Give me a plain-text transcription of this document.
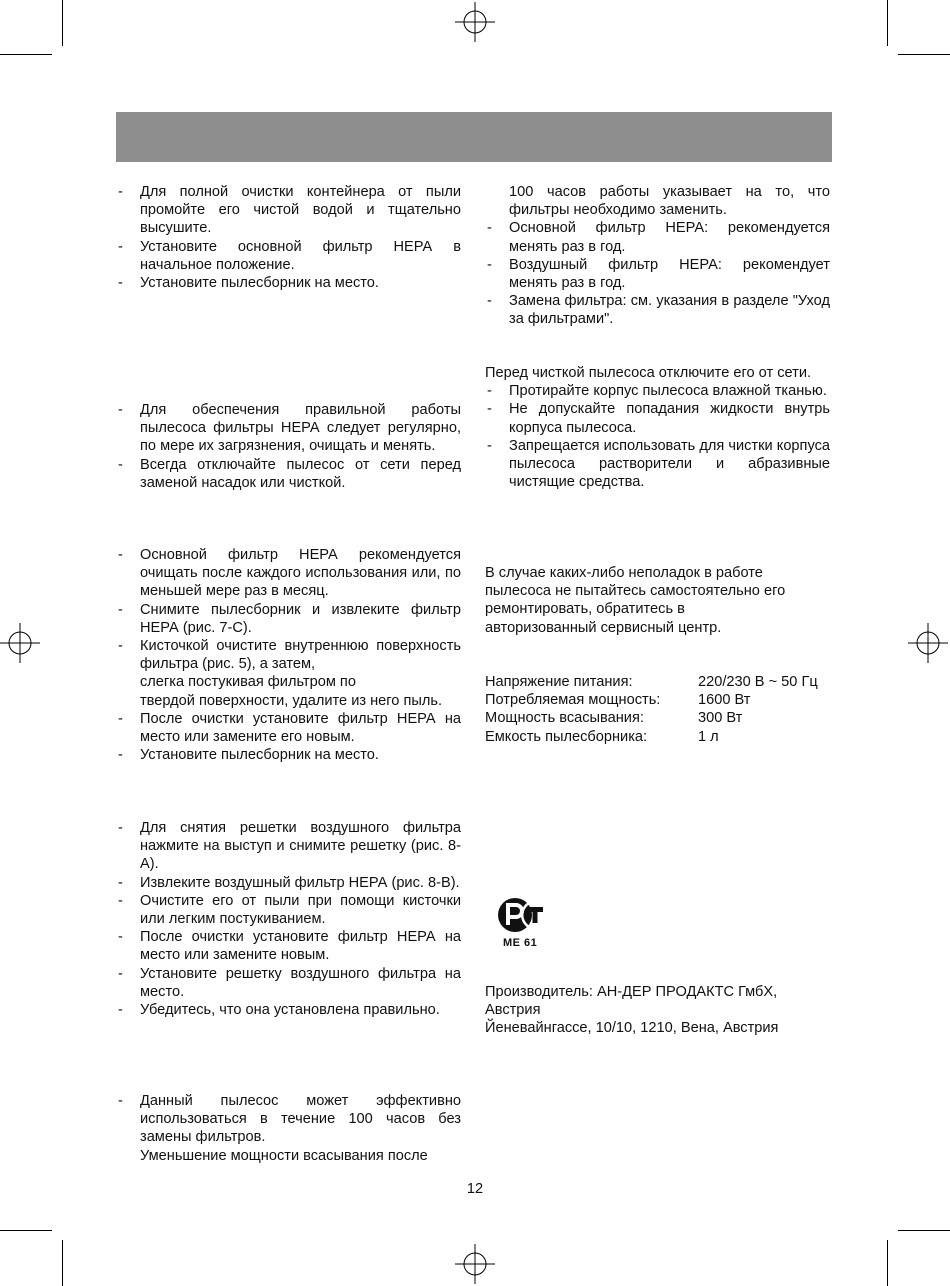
- Для полной очистки контейнера от пыли промойте его чистой водой и тщательно высушите.
- Установите основной фильтр НЕРА в начальное положение.
- Установите пылесборник на место.
- Для обеспечения правильной работы пылесоса фильтры НЕРА следует регулярно, по мере их загрязнения, очищать и менять.
- Всегда отключайте пылесос от сети перед заменой насадок или чисткой.
- Основной фильтр НЕРА рекомендуется очищать после каждого использования или, по меньшей мере раз в месяц.
- Снимите пылесборник и извлеките фильтр НЕРА (рис. 7-С).
- Кисточкой очистите внутреннюю поверхность фильтра (рис. 5), а затем,
слегка постукивая фильтром по
твердой поверхности, удалите из него пыль.
- После очистки установите фильтр НЕРА на место или замените его новым.
- Установите пылесборник на место.
- Для снятия решетки воздушного фильтра нажмите на выступ и снимите решетку (рис. 8-А).
- Извлеките воздушный фильтр НЕРА (рис. 8-В).
- Очистите его от пыли при помощи кисточки или легким постукиванием.
- После очистки установите фильтр НЕРА на место или замените новым.
- Установите решетку воздушного фильтра на место.
- Убедитесь, что она установлена правильно.
- Данный пылесос может эффективно использоваться в течение 100 часов без замены фильтров.
Уменьшение мощности всасывания после
100 часов работы указывает на то, что фильтры необходимо заменить.
- Основной фильтр НЕРА: рекомендуется менять раз в год.
- Воздушный фильтр НЕРА: рекомендует менять раз в год.
- Замена фильтра: см. указания в разделе "Уход за фильтрами".

Перед чисткой пылесоса отключите его от сети.

- Протирайте корпус пылесоса влажной тканью.
- Не допускайте попадания жидкости внутрь корпуса пылесоса.
- Запрещается использовать для чистки корпуса пылесоса растворители и абразивные чистящие средства.
В случае каких-либо неполадок в работе
пылесоса не пытайтесь самостоятельно его
ремонтировать, обратитесь в
авторизованный сервисный центр.
Напряжение питания:	220/230 В ~ 50 Гц
Потребляемая мощность:	1600 Вт
Мощность всасывания:	300 Вт
Емкость пылесборника:	1 л
ME 61
Производитель: АН-ДЕР ПРОДАКТС ГмбХ,
Австрия
Йеневайнгассе, 10/10, 1210, Вена, Австрия
12
